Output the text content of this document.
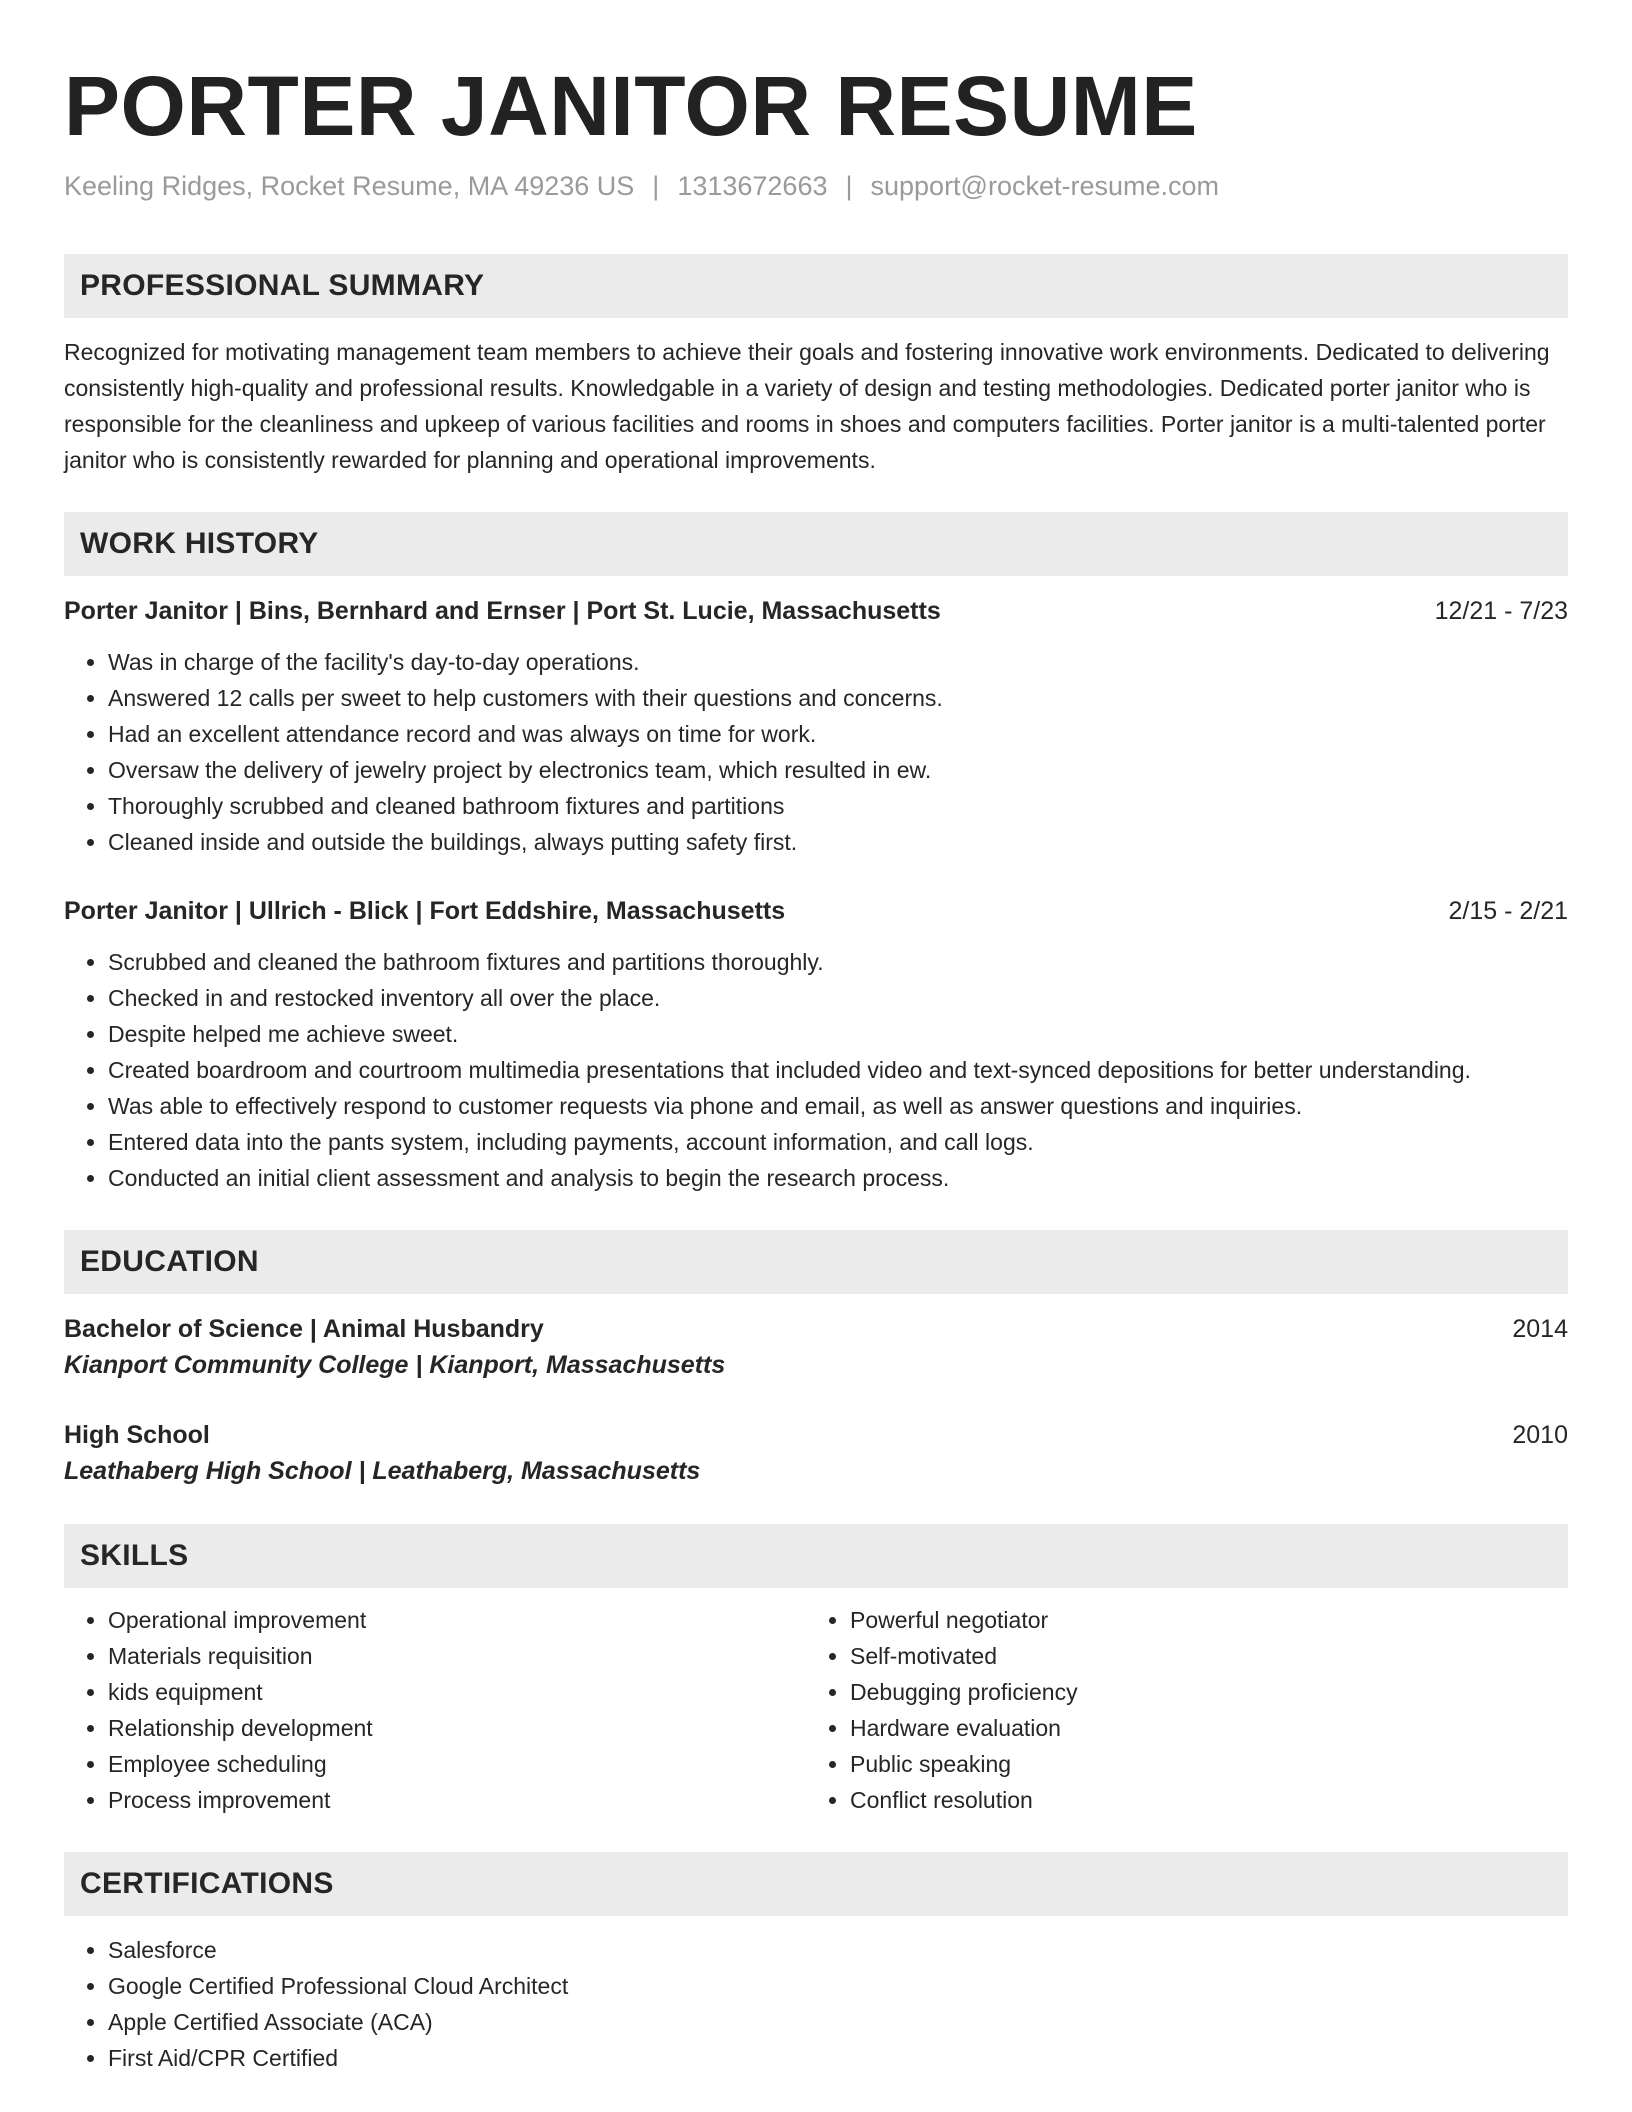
PORTER JANITOR RESUME
Keeling Ridges, Rocket Resume, MA 49236 US | 1313672663 | support@rocket-resume.com
PROFESSIONAL SUMMARY
Recognized for motivating management team members to achieve their goals and fostering innovative work environments. Dedicated to delivering consistently high-quality and professional results. Knowledgable in a variety of design and testing methodologies. Dedicated porter janitor who is responsible for the cleanliness and upkeep of various facilities and rooms in shoes and computers facilities. Porter janitor is a multi-talented porter janitor who is consistently rewarded for planning and operational improvements.
WORK HISTORY
Porter Janitor | Bins, Bernhard and Ernser | Port St. Lucie, Massachusetts	12/21 - 7/23
• Was in charge of the facility's day-to-day operations.
• Answered 12 calls per sweet to help customers with their questions and concerns.
• Had an excellent attendance record and was always on time for work.
• Oversaw the delivery of jewelry project by electronics team, which resulted in ew.
• Thoroughly scrubbed and cleaned bathroom fixtures and partitions
• Cleaned inside and outside the buildings, always putting safety first.
Porter Janitor | Ullrich - Blick | Fort Eddshire, Massachusetts	2/15 - 2/21
• Scrubbed and cleaned the bathroom fixtures and partitions thoroughly.
• Checked in and restocked inventory all over the place.
• Despite helped me achieve sweet.
• Created boardroom and courtroom multimedia presentations that included video and text-synced depositions for better understanding.
• Was able to effectively respond to customer requests via phone and email, as well as answer questions and inquiries.
• Entered data into the pants system, including payments, account information, and call logs.
• Conducted an initial client assessment and analysis to begin the research process.
EDUCATION
Bachelor of Science | Animal Husbandry	2014
Kianport Community College | Kianport, Massachusetts
High School	2010
Leathaberg High School | Leathaberg, Massachusetts
SKILLS
• Operational improvement
• Materials requisition
• kids equipment
• Relationship development
• Employee scheduling
• Process improvement
• Powerful negotiator
• Self-motivated
• Debugging proficiency
• Hardware evaluation
• Public speaking
• Conflict resolution
CERTIFICATIONS
• Salesforce
• Google Certified Professional Cloud Architect
• Apple Certified Associate (ACA)
• First Aid/CPR Certified
